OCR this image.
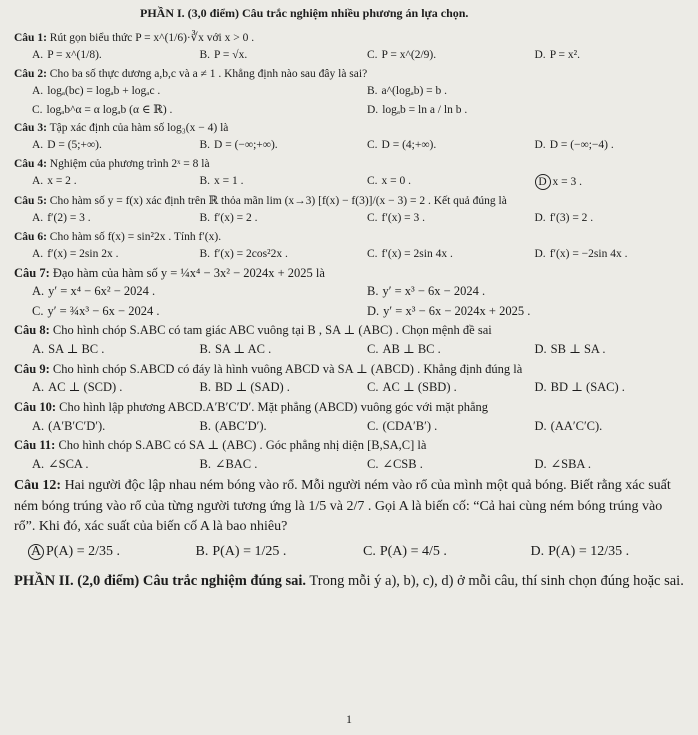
PHẦN I. (3,0 điểm) Câu trắc nghiệm nhiều phương án lựa chọn.
Câu 1: Rút gọn biểu thức P = x^(1/6)·∛x với x > 0 .
A. P = x^(1/8).	B. P = √x.	C. P = x^(2/9).	D. P = x².
Câu 2: Cho ba số thực dương a,b,c và a ≠ 1 . Khẳng định nào sau đây là sai?
A. logₐ(bc) = logₐb + logₐc .	B. a^(logₐb) = b .
C. logₐb^α = α logₐb (α ∈ ℝ) .	D. logₐb = ln a / ln b .
Câu 3: Tập xác định của hàm số log₃(x − 4) là
A. D = (5;+∞).	B. D = (−∞;+∞).	C. D = (4;+∞).	D. D = (−∞;−4) .
Câu 4: Nghiệm của phương trình 2ˣ = 8 là
A. x = 2 .	B. x = 1 .	C. x = 0 .	D x = 3 .
Câu 5: Cho hàm số y = f(x) xác định trên ℝ thỏa mãn lim (x→3) [f(x) − f(3)]/(x − 3) = 2 . Kết quả đúng là
A. f′(2) = 3 .	B. f′(x) = 2 .	C. f′(x) = 3 .	D. f′(3) = 2 .
Câu 6: Cho hàm số f(x) = sin²2x . Tính f′(x).
A. f′(x) = 2sin 2x .	B. f′(x) = 2cos²2x .	C. f′(x) = 2sin 4x .	D. f′(x) = −2sin 4x .
Câu 7: Đạo hàm của hàm số y = ¼x⁴ − 3x² − 2024x + 2025 là
A. y′ = x⁴ − 6x² − 2024 .	B. y′ = x³ − 6x − 2024 .
C. y′ = ¾x³ − 6x − 2024 .	D. y′ = x³ − 6x − 2024x + 2025 .
Câu 8: Cho hình chóp S.ABC có tam giác ABC vuông tại B , SA ⊥ (ABC) . Chọn mệnh đề sai
A. SA ⊥ BC .	B. SA ⊥ AC .	C. AB ⊥ BC .	D. SB ⊥ SA .
Câu 9: Cho hình chóp S.ABCD có đáy là hình vuông ABCD và SA ⊥ (ABCD) . Khẳng định đúng là
A. AC ⊥ (SCD) .	B. BD ⊥ (SAD) .	C. AC ⊥ (SBD) .	D. BD ⊥ (SAC) .
Câu 10: Cho hình lập phương ABCD.A′B′C′D′. Mặt phẳng (ABCD) vuông góc với mặt phẳng
A. (A′B′C′D′).	B. (ABC′D′).	C. (CDA′B′) .	D. (AA′C′C).
Câu 11: Cho hình chóp S.ABC có SA ⊥ (ABC) . Góc phẳng nhị diện [B,SA,C] là
A. ∠SCA .	B. ∠BAC .	C. ∠CSB .	D. ∠SBA .
Câu 12: Hai người độc lập nhau ném bóng vào rổ. Mỗi người ném vào rổ của mình một quả bóng. Biết rằng xác suất ném bóng trúng vào rổ của từng người tương ứng là 1/5 và 2/7 . Gọi A là biến cố: “Cả hai cùng ném bóng trúng vào rổ”. Khi đó, xác suất của biến cố A là bao nhiêu?
A P(A) = 2/35 .	B. P(A) = 1/25 .	C. P(A) = 4/5 .	D. P(A) = 12/35 .
PHẦN II. (2,0 điểm) Câu trắc nghiệm đúng sai. Trong mỗi ý a), b), c), d) ở mỗi câu, thí sinh chọn đúng hoặc sai.
1
